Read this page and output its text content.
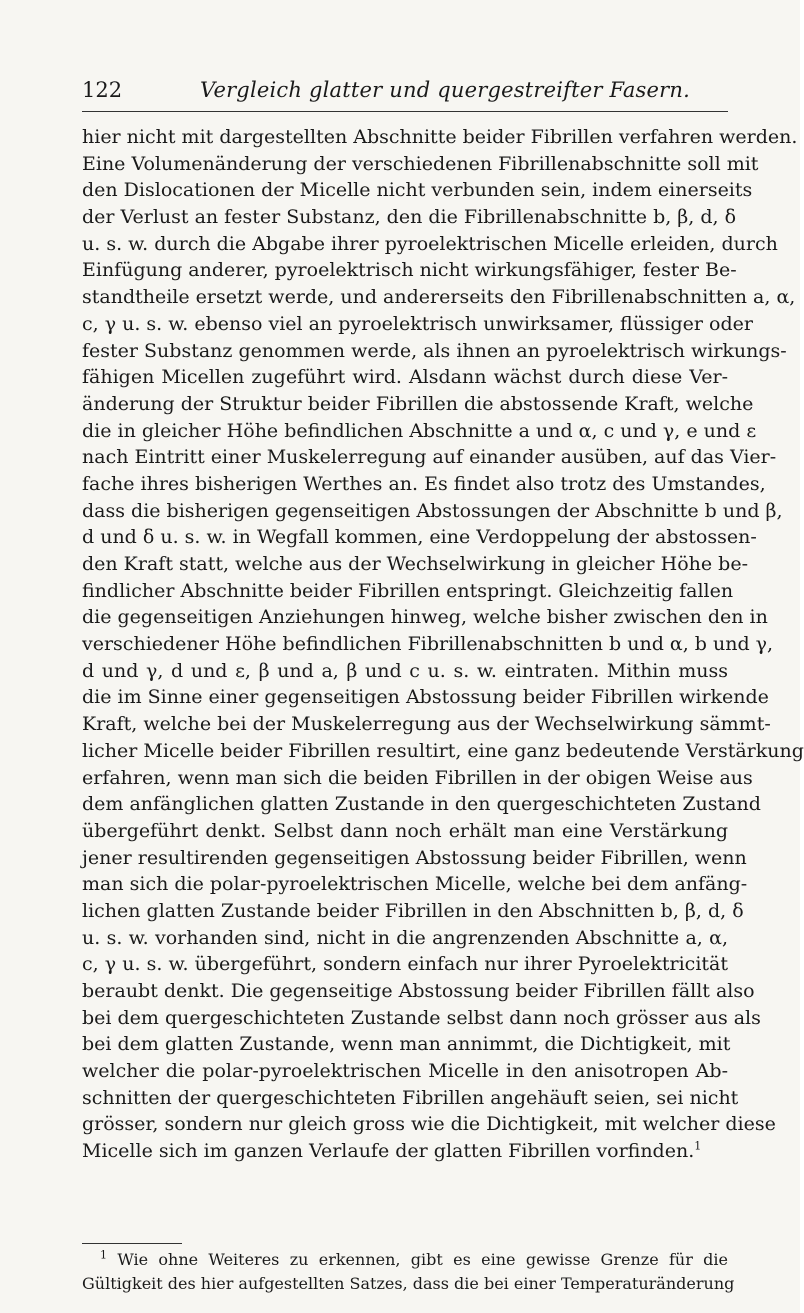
122	Vergleich glatter und quergestreifter Fasern.
hier nicht mit dargestellten Abschnitte beider Fibrillen verfahren werden.
Eine Volumenänderung der verschiedenen Fibrillenabschnitte soll mit
den Dislocationen der Micelle nicht verbunden sein, indem einerseits
der Verlust an fester Substanz, den die Fibrillenabschnitte b, β, d, δ
u. s. w. durch die Abgabe ihrer pyroelektrischen Micelle erleiden, durch
Einfügung anderer, pyroelektrisch nicht wirkungsfähiger, fester Be-
standtheile ersetzt werde, und andererseits den Fibrillenabschnitten a, α,
c, γ u. s. w. ebenso viel an pyroelektrisch unwirksamer, flüssiger oder
fester Substanz genommen werde, als ihnen an pyroelektrisch wirkungs-
fähigen Micellen zugeführt wird. Alsdann wächst durch diese Ver-
änderung der Struktur beider Fibrillen die abstossende Kraft, welche
die in gleicher Höhe befindlichen Abschnitte a und α, c und γ, e und ε
nach Eintritt einer Muskelerregung auf einander ausüben, auf das Vier-
fache ihres bisherigen Werthes an. Es findet also trotz des Umstandes,
dass die bisherigen gegenseitigen Abstossungen der Abschnitte b und β,
d und δ u. s. w. in Wegfall kommen, eine Verdoppelung der abstossen-
den Kraft statt, welche aus der Wechselwirkung in gleicher Höhe be-
findlicher Abschnitte beider Fibrillen entspringt. Gleichzeitig fallen
die gegenseitigen Anziehungen hinweg, welche bisher zwischen den in
verschiedener Höhe befindlichen Fibrillenabschnitten b und α, b und γ,
d und γ, d und ε, β und a, β und c u. s. w. eintraten. Mithin muss
die im Sinne einer gegenseitigen Abstossung beider Fibrillen wirkende
Kraft, welche bei der Muskelerregung aus der Wechselwirkung sämmt-
licher Micelle beider Fibrillen resultirt, eine ganz bedeutende Verstärkung
erfahren, wenn man sich die beiden Fibrillen in der obigen Weise aus
dem anfänglichen glatten Zustande in den quergeschichteten Zustand
übergeführt denkt. Selbst dann noch erhält man eine Verstärkung
jener resultirenden gegenseitigen Abstossung beider Fibrillen, wenn
man sich die polar-pyroelektrischen Micelle, welche bei dem anfäng-
lichen glatten Zustande beider Fibrillen in den Abschnitten b, β, d, δ
u. s. w. vorhanden sind, nicht in die angrenzenden Abschnitte a, α,
c, γ u. s. w. übergeführt, sondern einfach nur ihrer Pyroelektricität
beraubt denkt. Die gegenseitige Abstossung beider Fibrillen fällt also
bei dem quergeschichteten Zustande selbst dann noch grösser aus als
bei dem glatten Zustande, wenn man annimmt, die Dichtigkeit, mit
welcher die polar-pyroelektrischen Micelle in den anisotropen Ab-
schnitten der quergeschichteten Fibrillen angehäuft seien, sei nicht
grösser, sondern nur gleich gross wie die Dichtigkeit, mit welcher diese
Micelle sich im ganzen Verlaufe der glatten Fibrillen vorfinden.$^1$
$^1$ Wie ohne Weiteres zu erkennen, gibt es eine gewisse Grenze für die
Gültigkeit des hier aufgestellten Satzes, dass die bei einer Temperaturänderung
